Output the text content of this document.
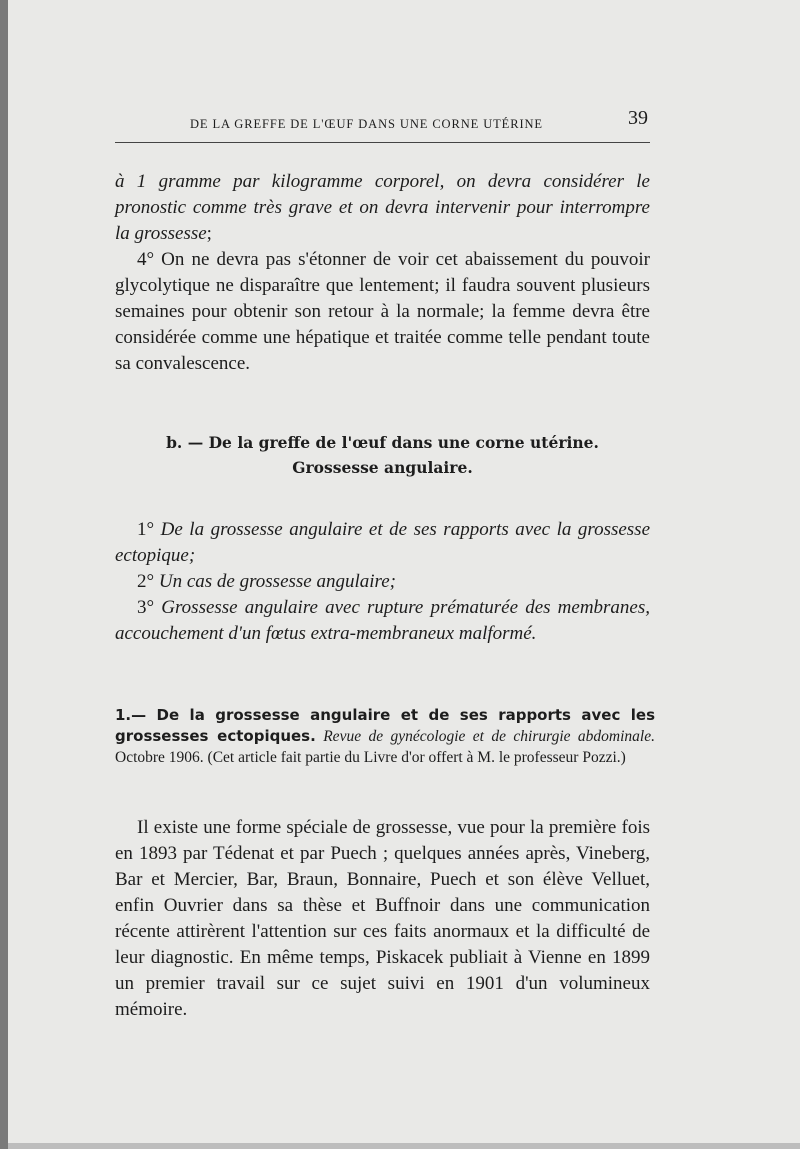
DE LA GREFFE DE L'ŒUF DANS UNE CORNE UTÉRINE	39

à 1 gramme par kilogramme corporel, on devra considérer le pronostic comme très grave et on devra intervenir pour interrompre la grossesse;

4° On ne devra pas s'étonner de voir cet abaissement du pouvoir glycolytique ne disparaître que lentement; il faudra souvent plusieurs semaines pour obtenir son retour à la normale; la femme devra être considérée comme une hépatique et traitée comme telle pendant toute sa convalescence.

b. — De la greffe de l'œuf dans une corne utérine.
Grossesse angulaire.

1° De la grossesse angulaire et de ses rapports avec la grossesse ectopique;

2° Un cas de grossesse angulaire;

3° Grossesse angulaire avec rupture prématurée des membranes, accouchement d'un fœtus extra-membraneux malformé.

1.— De la grossesse angulaire et de ses rapports avec les grossesses ectopiques. Revue de gynécologie et de chirurgie abdominale. Octobre 1906. (Cet article fait partie du Livre d'or offert à M. le professeur Pozzi.)

Il existe une forme spéciale de grossesse, vue pour la première fois en 1893 par Tédenat et par Puech ; quelques années après, Vineberg, Bar et Mercier, Bar, Braun, Bonnaire, Puech et son élève Velluet, enfin Ouvrier dans sa thèse et Buffnoir dans une communication récente attirèrent l'attention sur ces faits anormaux et la difficulté de leur diagnostic. En même temps, Piskacek publiait à Vienne en 1899 un premier travail sur ce sujet suivi en 1901 d'un volumineux mémoire.
